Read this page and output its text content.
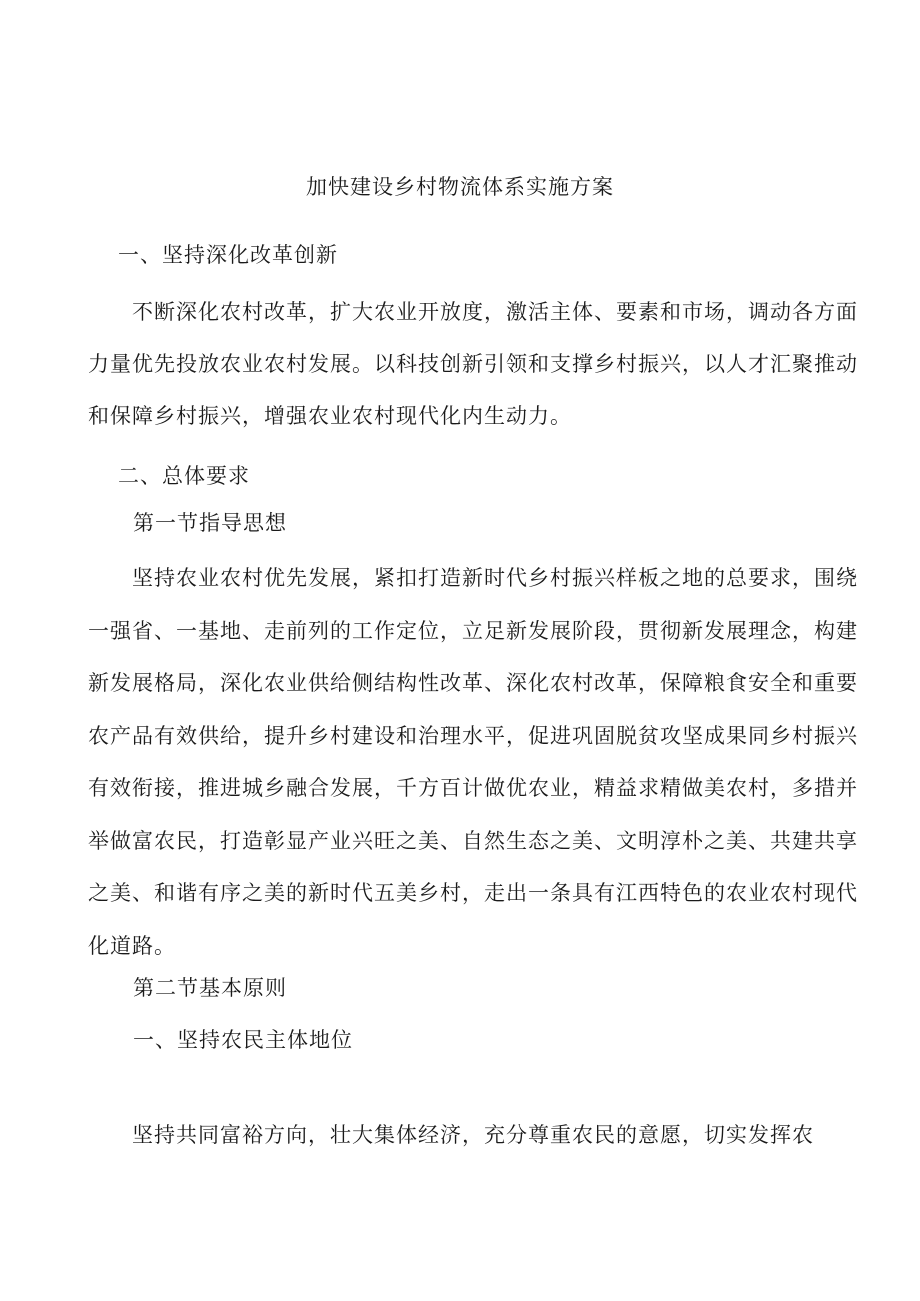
加快建设乡村物流体系实施方案
一、坚持深化改革创新

不断深化农村改革，扩大农业开放度，激活主体、要素和市场，调动各方面力量优先投放农业农村发展。以科技创新引领和支撑乡村振兴，以人才汇聚推动和保障乡村振兴，增强农业农村现代化内生动力。

二、总体要求
第一节指导思想

坚持农业农村优先发展，紧扣打造新时代乡村振兴样板之地的总要求，围绕一强省、一基地、走前列的工作定位，立足新发展阶段，贯彻新发展理念，构建新发展格局，深化农业供给侧结构性改革、深化农村改革，保障粮食安全和重要农产品有效供给，提升乡村建设和治理水平，促进巩固脱贫攻坚成果同乡村振兴有效衔接，推进城乡融合发展，千方百计做优农业，精益求精做美农村，多措并举做富农民，打造彰显产业兴旺之美、自然生态之美、文明淳朴之美、共建共享之美、和谐有序之美的新时代五美乡村，走出一条具有江西特色的农业农村现代化道路。

第二节基本原则
一、坚持农民主体地位

坚持共同富裕方向，壮大集体经济，充分尊重农民的意愿，切实发挥农
